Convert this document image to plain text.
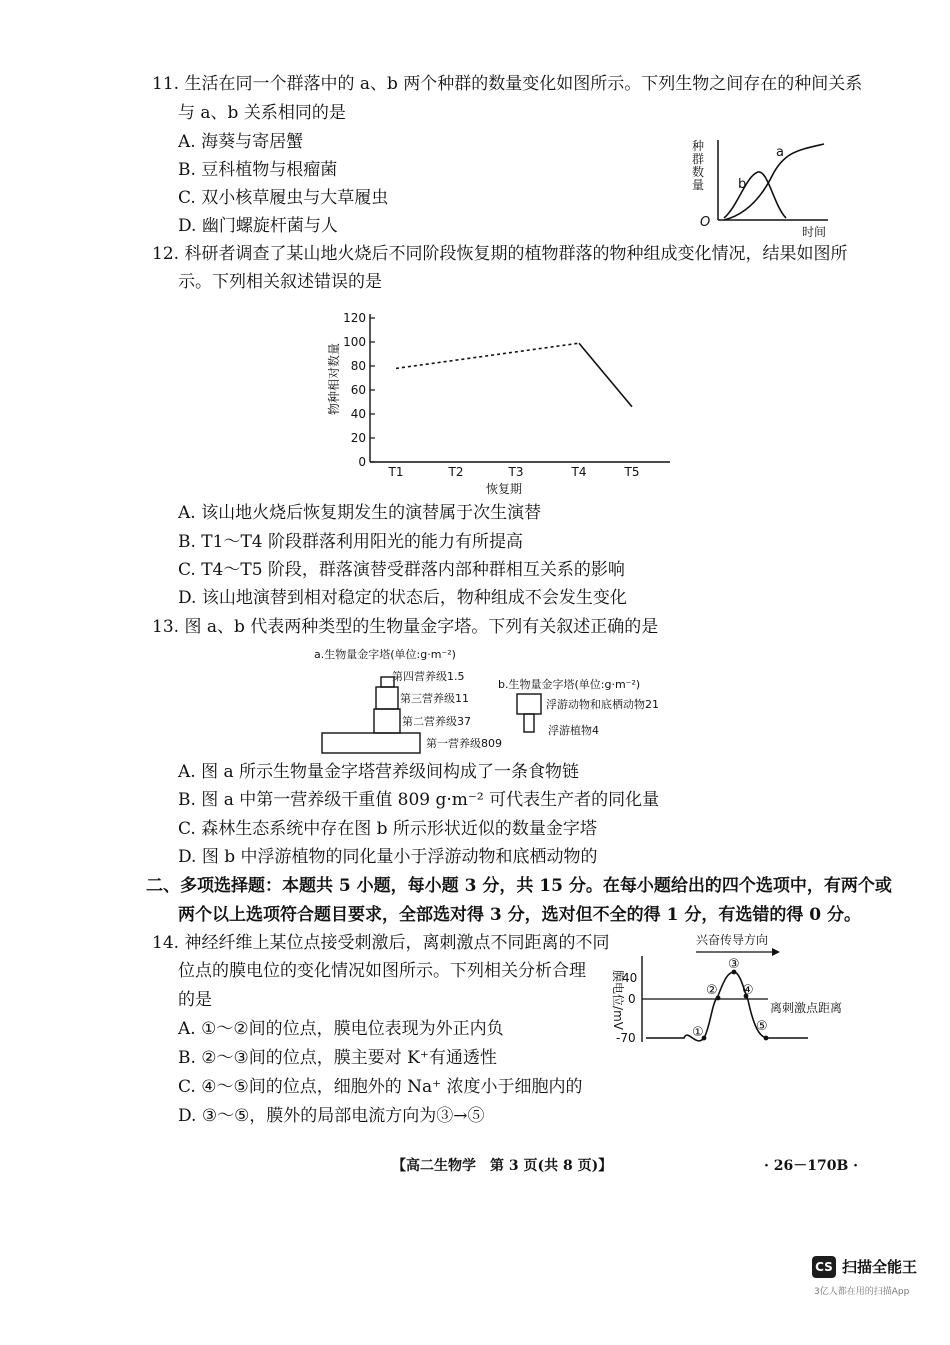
11. 生活在同一个群落中的 a、b 两个种群的数量变化如图所示。下列生物之间存在的种间关系
与 a、b 关系相同的是
A. 海葵与寄居蟹
B. 豆科植物与根瘤菌
C. 双小核草履虫与大草履虫
D. 幽门螺旋杆菌与人	O
种群数量
时间
b
a
12. 科研者调查了某山地火烧后不同阶段恢复期的植物群落的物种组成变化情况，结果如图所
示。下列相关叙述错误的是
0
20
40
60
80
100
120
T1	T2	T3	T4	T5
恢复期
物种相对数量
A. 该山地火烧后恢复期发生的演替属于次生演替
B. T1～T4 阶段群落利用阳光的能力有所提高
C. T4～T5 阶段，群落演替受群落内部种群相互关系的影响
D. 该山地演替到相对稳定的状态后，物种组成不会发生变化
13. 图 a、b 代表两种类型的生物量金字塔。下列有关叙述正确的是
a.生物量金字塔(单位:g·m⁻²)
第四营养级1.5
第三营养级11
第二营养级37
第一营养级809
b.生物量金字塔(单位:g·m⁻²)
浮游动物和底栖动物21
浮游植物4
A. 图 a 所示生物量金字塔营养级间构成了一条食物链
B. 图 a 中第一营养级干重值 809 g·m⁻² 可代表生产者的同化量
C. 森林生态系统中存在图 b 所示形状近似的数量金字塔
D. 图 b 中浮游植物的同化量小于浮游动物和底栖动物的
二、多项选择题：本题共 5 小题，每小题 3 分，共 15 分。在每小题给出的四个选项中，有两个或
两个以上选项符合题目要求，全部选对得 3 分，选对但不全的得 1 分，有选错的得 0 分。
14. 神经纤维上某位点接受刺激后，离刺激点不同距离的不同
位点的膜电位的变化情况如图所示。下列相关分析合理
的是
A. ①～②间的位点，膜电位表现为外正内负
B. ②～③间的位点，膜主要对 K⁺有通透性
C. ④～⑤间的位点，细胞外的 Na⁺ 浓度小于细胞内的
D. ③～⑤，膜外的局部电流方向为③→⑤
兴奋传导方向
40
0
-70
膜电位/mV	离刺激点距离
①
②
③
④
⑤
【高二生物学　第 3 页(共 8 页)】	· 26－170B ·
CS 扫描全能王
3亿人都在用的扫描App
